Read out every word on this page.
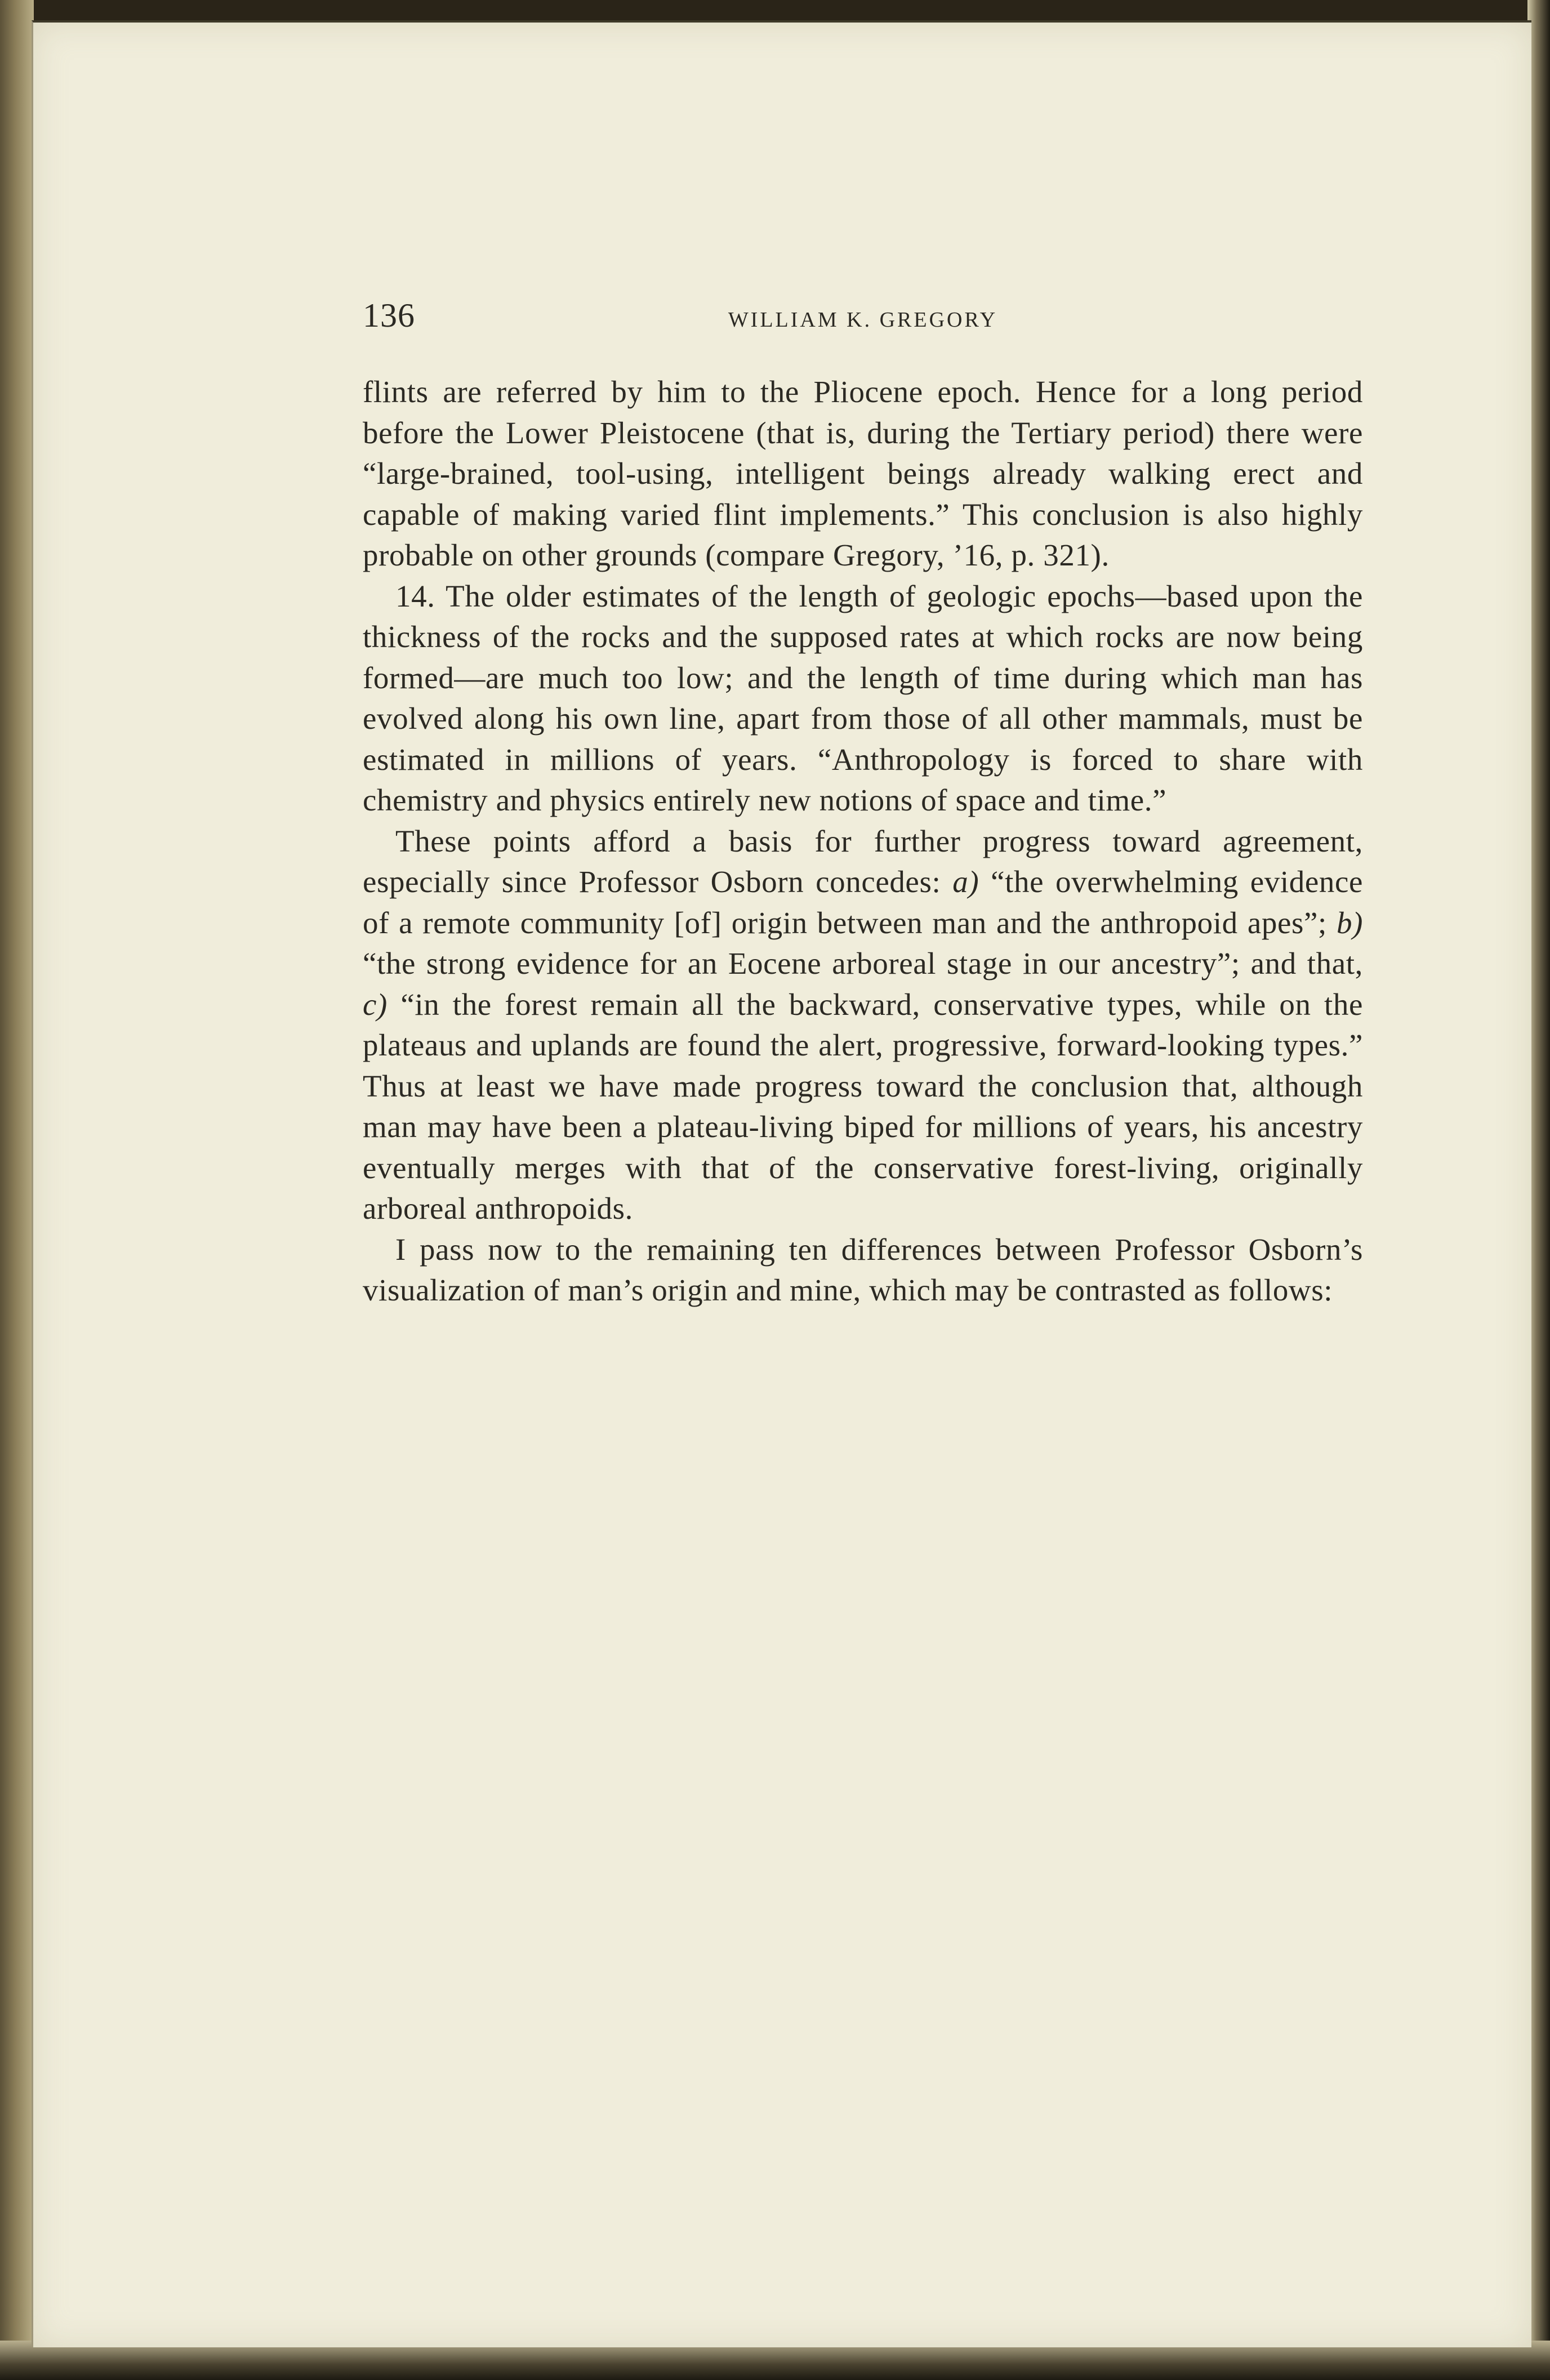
136	WILLIAM K. GREGORY

flints are referred by him to the Pliocene epoch. Hence for a long period before the Lower Pleistocene (that is, during the Tertiary period) there were “large-brained, tool-using, intelligent beings already walking erect and capable of making varied flint implements.” This conclusion is also highly probable on other grounds (compare Gregory, ’16, p. 321).

14. The older estimates of the length of geologic epochs—based upon the thickness of the rocks and the supposed rates at which rocks are now being formed—are much too low; and the length of time during which man has evolved along his own line, apart from those of all other mammals, must be estimated in millions of years. “Anthropology is forced to share with chemistry and physics entirely new notions of space and time.”

These points afford a basis for further progress toward agreement, especially since Professor Osborn concedes: a) “the overwhelming evidence of a remote community [of] origin between man and the anthropoid apes”; b) “the strong evidence for an Eocene arboreal stage in our ancestry”; and that, c) “in the forest remain all the backward, conservative types, while on the plateaus and uplands are found the alert, progressive, forward-looking types.” Thus at least we have made progress toward the conclusion that, although man may have been a plateau-living biped for millions of years, his ancestry eventually merges with that of the conservative forest-living, originally arboreal anthropoids.

I pass now to the remaining ten differences between Professor Osborn’s visualization of man’s origin and mine, which may be contrasted as follows:
